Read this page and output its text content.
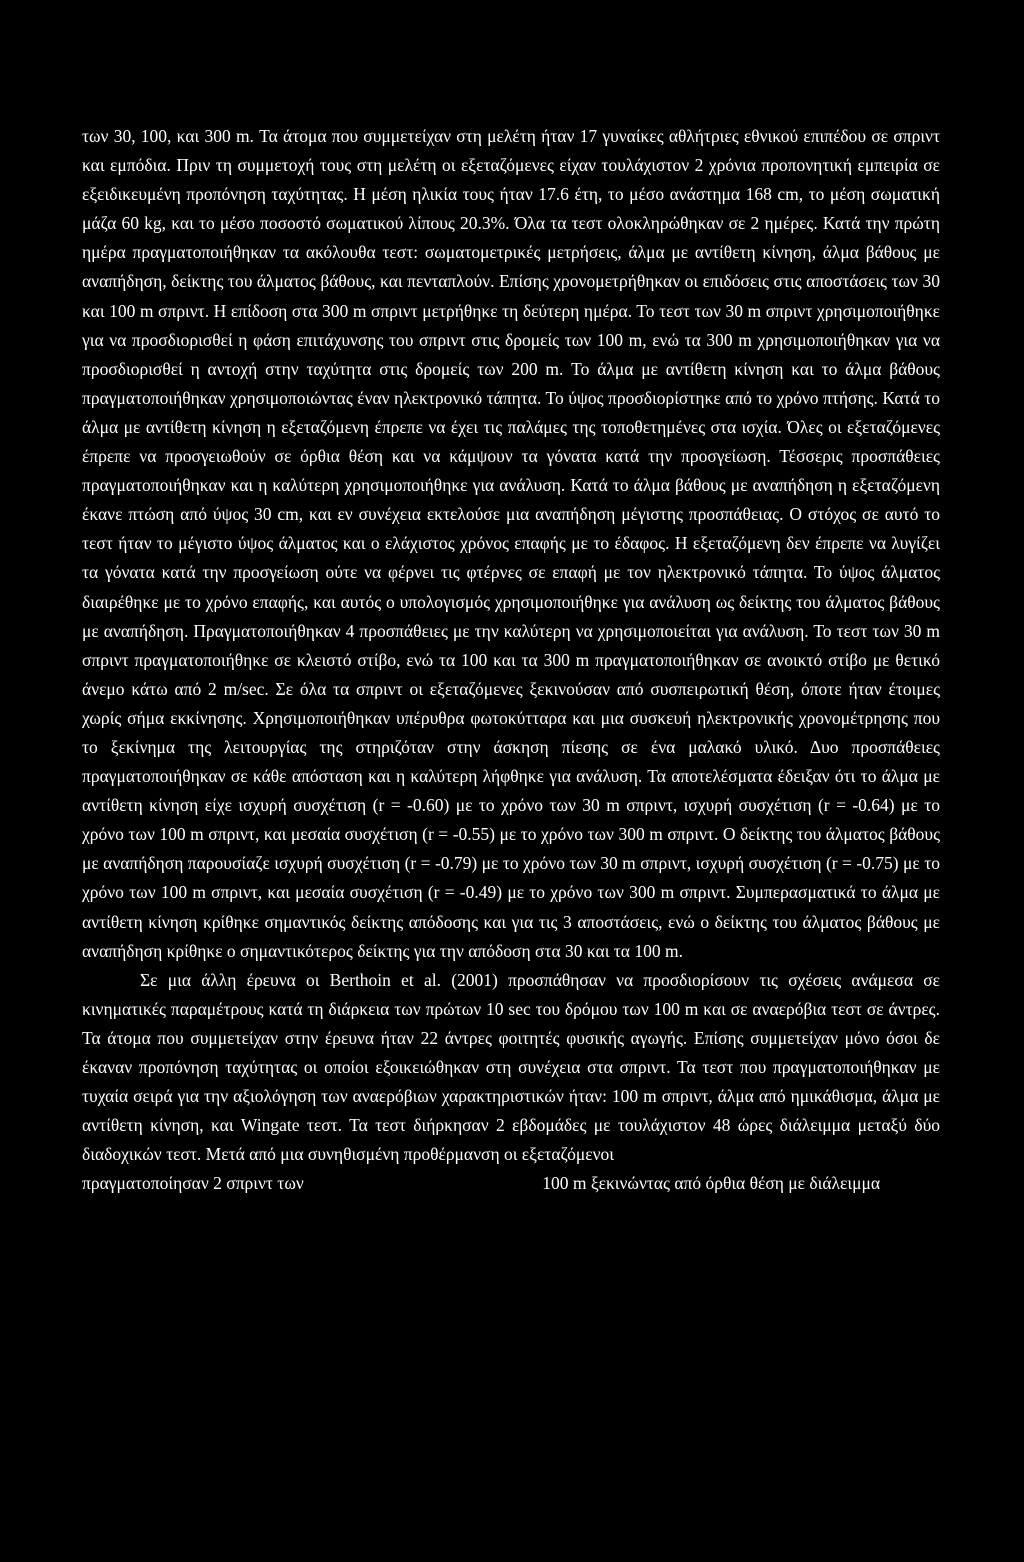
των 30, 100, και 300 m. Τα άτομα που συμμετείχαν στη μελέτη ήταν 17 γυναίκες αθλήτριες εθνικού επιπέδου σε σπριντ και εμπόδια. Πριν τη συμμετοχή τους στη μελέτη οι εξεταζόμενες είχαν τουλάχιστον 2 χρόνια προπονητική εμπειρία σε εξειδικευμένη προπόνηση ταχύτητας. Η μέση ηλικία τους ήταν 17.6 έτη, το μέσο ανάστημα 168 cm, το μέση σωματική μάζα 60 kg, και το μέσο ποσοστό σωματικού λίπους 20.3%. Όλα τα τεστ ολοκληρώθηκαν σε 2 ημέρες. Κατά την πρώτη ημέρα πραγματοποιήθηκαν τα ακόλουθα τεστ: σωματομετρικές μετρήσεις, άλμα με αντίθετη κίνηση, άλμα βάθους με αναπήδηση, δείκτης του άλματος βάθους, και πενταπλούν. Επίσης χρονομετρήθηκαν οι επιδόσεις στις αποστάσεις των 30 και 100 m σπριντ. Η επίδοση στα 300 m σπριντ μετρήθηκε τη δεύτερη ημέρα. Το τεστ των 30 m σπριντ χρησιμοποιήθηκε για να προσδιορισθεί η φάση επιτάχυνσης του σπριντ στις δρομείς των 100 m, ενώ τα 300 m χρησιμοποιήθηκαν για να προσδιορισθεί η αντοχή στην ταχύτητα στις δρομείς των 200 m. Το άλμα με αντίθετη κίνηση και το άλμα βάθους πραγματοποιήθηκαν χρησιμοποιώντας έναν ηλεκτρονικό τάπητα. Το ύψος προσδιορίστηκε από το χρόνο πτήσης. Κατά το άλμα με αντίθετη κίνηση η εξεταζόμενη έπρεπε να έχει τις παλάμες της τοποθετημένες στα ισχία. Όλες οι εξεταζόμενες έπρεπε να προσγειωθούν σε όρθια θέση και να κάμψουν τα γόνατα κατά την προσγείωση. Τέσσερις προσπάθειες πραγματοποιήθηκαν και η καλύτερη χρησιμοποιήθηκε για ανάλυση. Κατά το άλμα βάθους με αναπήδηση η εξεταζόμενη έκανε πτώση από ύψος 30 cm, και εν συνέχεια εκτελούσε μια αναπήδηση μέγιστης προσπάθειας. Ο στόχος σε αυτό το τεστ ήταν το μέγιστο ύψος άλματος και ο ελάχιστος χρόνος επαφής με το έδαφος. Η εξεταζόμενη δεν έπρεπε να λυγίζει τα γόνατα κατά την προσγείωση ούτε να φέρνει τις φτέρνες σε επαφή με τον ηλεκτρονικό τάπητα. Το ύψος άλματος διαιρέθηκε με το χρόνο επαφής, και αυτός ο υπολογισμός χρησιμοποιήθηκε για ανάλυση ως δείκτης του άλματος βάθους με αναπήδηση. Πραγματοποιήθηκαν 4 προσπάθειες με την καλύτερη να χρησιμοποιείται για ανάλυση. Το τεστ των 30 m σπριντ πραγματοποιήθηκε σε κλειστό στίβο, ενώ τα 100 και τα 300 m πραγματοποιήθηκαν σε ανοικτό στίβο με θετικό άνεμο κάτω από 2 m/sec. Σε όλα τα σπριντ οι εξεταζόμενες ξεκινούσαν από συσπειρωτική θέση, όποτε ήταν έτοιμες χωρίς σήμα εκκίνησης. Χρησιμοποιήθηκαν υπέρυθρα φωτοκύτταρα και μια συσκευή ηλεκτρονικής χρονομέτρησης που το ξεκίνημα της λειτουργίας της στηριζόταν στην άσκηση πίεσης σε ένα μαλακό υλικό. Δυο προσπάθειες πραγματοποιήθηκαν σε κάθε απόσταση και η καλύτερη λήφθηκε για ανάλυση. Τα αποτελέσματα έδειξαν ότι το άλμα με αντίθετη κίνηση είχε ισχυρή συσχέτιση (r = -0.60) με το χρόνο των 30 m σπριντ, ισχυρή συσχέτιση (r = -0.64) με το χρόνο των 100 m σπριντ, και μεσαία συσχέτιση (r = -0.55) με το χρόνο των 300 m σπριντ. Ο δείκτης του άλματος βάθους με αναπήδηση παρουσίαζε ισχυρή συσχέτιση (r = -0.79) με το χρόνο των 30 m σπριντ, ισχυρή συσχέτιση (r = -0.75) με το χρόνο των 100 m σπριντ, και μεσαία συσχέτιση (r = -0.49) με το χρόνο των 300 m σπριντ. Συμπερασματικά το άλμα με αντίθετη κίνηση κρίθηκε σημαντικός δείκτης απόδοσης και για τις 3 αποστάσεις, ενώ ο δείκτης του άλματος βάθους με αναπήδηση κρίθηκε ο σημαντικότερος δείκτης για την απόδοση στα 30 και τα 100 m.

Σε μια άλλη έρευνα οι Berthoin et al. (2001) προσπάθησαν να προσδιορίσουν τις σχέσεις ανάμεσα σε κινηματικές παραμέτρους κατά τη διάρκεια των πρώτων 10 sec του δρόμου των 100 m και σε αναερόβια τεστ σε άντρες. Τα άτομα που συμμετείχαν στην έρευνα ήταν 22 άντρες φοιτητές φυσικής αγωγής. Επίσης συμμετείχαν μόνο όσοι δε έκαναν προπόνηση ταχύτητας οι οποίοι εξοικειώθηκαν στη συνέχεια στα σπριντ. Τα τεστ που πραγματοποιήθηκαν με τυχαία σειρά για την αξιολόγηση των αναερόβιων χαρακτηριστικών ήταν: 100 m σπριντ, άλμα από ημικάθισμα, άλμα με αντίθετη κίνηση, και Wingate τεστ. Τα τεστ διήρκησαν 2 εβδομάδες με τουλάχιστον 48 ώρες διάλειμμα μεταξύ δύο διαδοχικών τεστ. Μετά από μια συνηθισμένη προθέρμανση οι εξεταζόμενοι

πραγματοποίησαν 2 σπριντ των	100 m ξεκινώντας από όρθια θέση με διάλειμμα
